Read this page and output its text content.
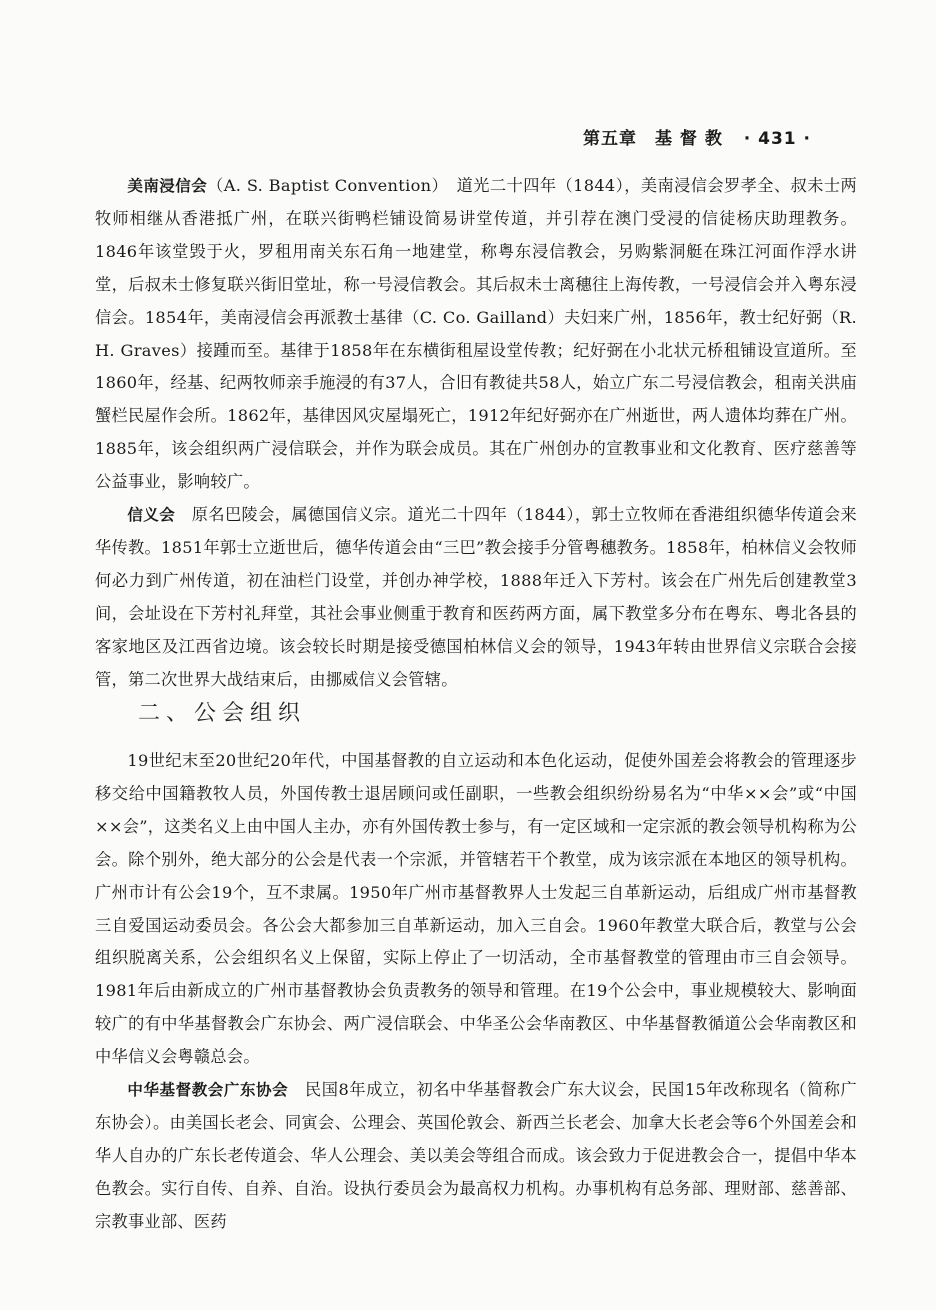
第五章　基 督 教 · 431 ·

美南浸信会（A. S. Baptist Convention）　道光二十四年（1844），美南浸信会罗孝全、叔未士两牧师相继从香港抵广州，在联兴街鸭栏铺设简易讲堂传道，并引荐在澳门受浸的信徒杨庆助理教务。1846年该堂毁于火，罗租用南关东石角一地建堂，称粤东浸信教会，另购紫洞艇在珠江河面作浮水讲堂，后叔未士修复联兴街旧堂址，称一号浸信教会。其后叔未士离穗往上海传教，一号浸信会并入粤东浸信会。1854年，美南浸信会再派教士基律（C. Co. Gailland）夫妇来广州，1856年，教士纪好弼（R. H. Graves）接踵而至。基律于1858年在东横街租屋设堂传教；纪好弼在小北状元桥租铺设宣道所。至1860年，经基、纪两牧师亲手施浸的有37人，合旧有教徒共58人，始立广东二号浸信教会，租南关洪庙蟹栏民屋作会所。1862年，基律因风灾屋塌死亡，1912年纪好弼亦在广州逝世，两人遗体均葬在广州。1885年，该会组织两广浸信联会，并作为联会成员。其在广州创办的宣教事业和文化教育、医疗慈善等公益事业，影响较广。

信义会　原名巴陵会，属德国信义宗。道光二十四年（1844），郭士立牧师在香港组织德华传道会来华传教。1851年郭士立逝世后，德华传道会由“三巴”教会接手分管粤穗教务。1858年，柏林信义会牧师何必力到广州传道，初在油栏门设堂，并创办神学校，1888年迁入下芳村。该会在广州先后创建教堂3间，会址设在下芳村礼拜堂，其社会事业侧重于教育和医药两方面，属下教堂多分布在粤东、粤北各县的客家地区及江西省边境。该会较长时期是接受德国柏林信义会的领导，1943年转由世界信义宗联合会接管，第二次世界大战结束后，由挪威信义会管辖。

二、公会组织

19世纪末至20世纪20年代，中国基督教的自立运动和本色化运动，促使外国差会将教会的管理逐步移交给中国籍教牧人员，外国传教士退居顾问或任副职，一些教会组织纷纷易名为“中华××会”或“中国××会”，这类名义上由中国人主办，亦有外国传教士参与，有一定区域和一定宗派的教会领导机构称为公会。除个别外，绝大部分的公会是代表一个宗派，并管辖若干个教堂，成为该宗派在本地区的领导机构。广州市计有公会19个，互不隶属。1950年广州市基督教界人士发起三自革新运动，后组成广州市基督教三自爱国运动委员会。各公会大都参加三自革新运动，加入三自会。1960年教堂大联合后，教堂与公会组织脱离关系，公会组织名义上保留，实际上停止了一切活动，全市基督教堂的管理由市三自会领导。1981年后由新成立的广州市基督教协会负责教务的领导和管理。在19个公会中，事业规模较大、影响面较广的有中华基督教会广东协会、两广浸信联会、中华圣公会华南教区、中华基督教循道公会华南教区和中华信义会粤赣总会。

中华基督教会广东协会　民国8年成立，初名中华基督教会广东大议会，民国15年改称现名（简称广东协会）。由美国长老会、同寅会、公理会、英国伦敦会、新西兰长老会、加拿大长老会等6个外国差会和华人自办的广东长老传道会、华人公理会、美以美会等组合而成。该会致力于促进教会合一，提倡中华本色教会。实行自传、自养、自治。设执行委员会为最高权力机构。办事机构有总务部、理财部、慈善部、宗教事业部、医药
